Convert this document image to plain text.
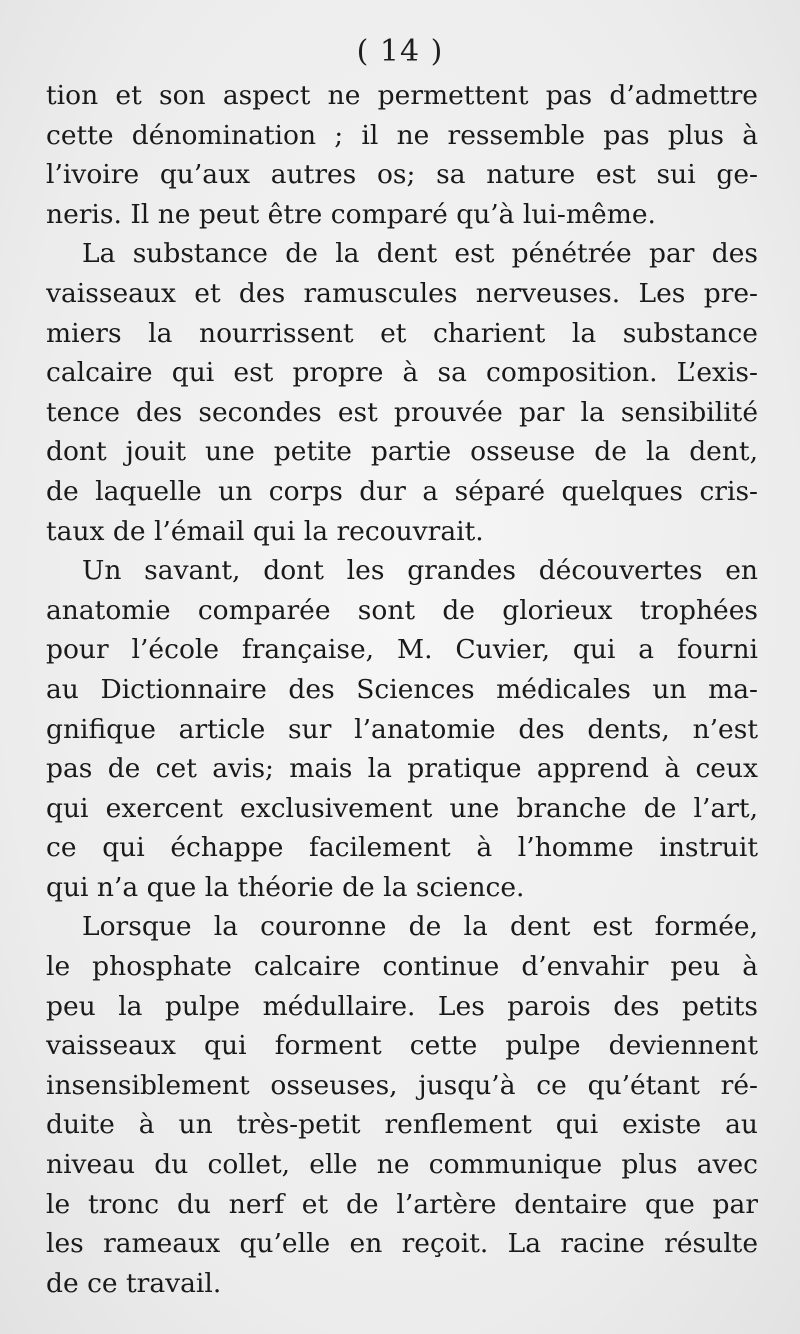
( 14 )
tion et son aspect ne permettent pas d’admettre
cette dénomination ; il ne ressemble pas plus à
l’ivoire qu’aux autres os; sa nature est sui ge-
neris. Il ne peut être comparé qu’à lui-même.
La substance de la dent est pénétrée par des
vaisseaux et des ramuscules nerveuses. Les pre-
miers la nourrissent et charient la substance
calcaire qui est propre à sa composition. L’exis-
tence des secondes est prouvée par la sensibilité
dont jouit une petite partie osseuse de la dent,
de laquelle un corps dur a séparé quelques cris-
taux de l’émail qui la recouvrait.
Un savant, dont les grandes découvertes en
anatomie comparée sont de glorieux trophées
pour l’école française, M. Cuvier, qui a fourni
au Dictionnaire des Sciences médicales un ma-
gnifique article sur l’anatomie des dents, n’est
pas de cet avis; mais la pratique apprend à ceux
qui exercent exclusivement une branche de l’art,
ce qui échappe facilement à l’homme instruit
qui n’a que la théorie de la science.
Lorsque la couronne de la dent est formée,
le phosphate calcaire continue d’envahir peu à
peu la pulpe médullaire. Les parois des petits
vaisseaux qui forment cette pulpe deviennent
insensiblement osseuses, jusqu’à ce qu’étant ré-
duite à un très-petit renflement qui existe au
niveau du collet, elle ne communique plus avec
le tronc du nerf et de l’artère dentaire que par
les rameaux qu’elle en reçoit. La racine résulte
de ce travail.
